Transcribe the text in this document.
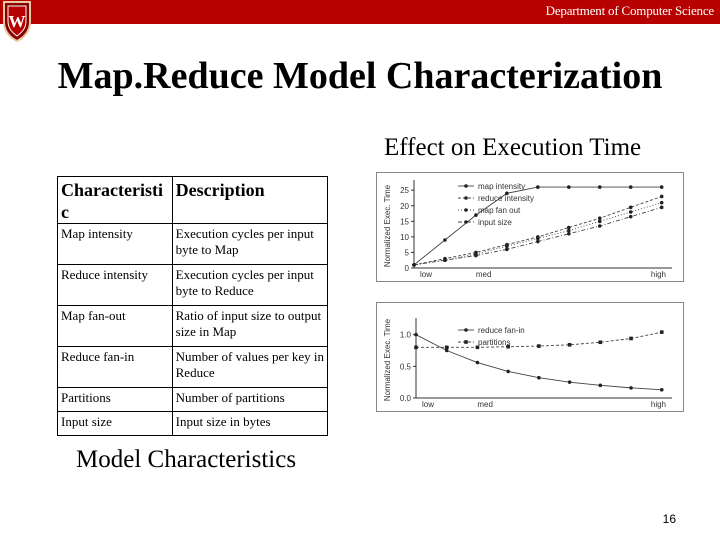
Department of Computer Science
W
Map.Reduce Model Characterization
Effect on Execution Time
Characteristi c	Description
Map intensity	Execution cycles per input byte to Map
Reduce intensity	Execution cycles per input byte to Reduce
Map fan-out	Ratio of input size to output size in Map
Reduce fan-in	Number of values per key in Reduce
Partitions	Number of partitions
Input size	Input size in bytes
Normalized Exec. Time
0
5
10
15
20
25
low	med	high
map intensity
reduce intensity
map fan out
input size
Normalized Exec. Time 0.0
0.5
1.0
low	med	high
reduce fan-in
partitions
Model Characteristics
16
